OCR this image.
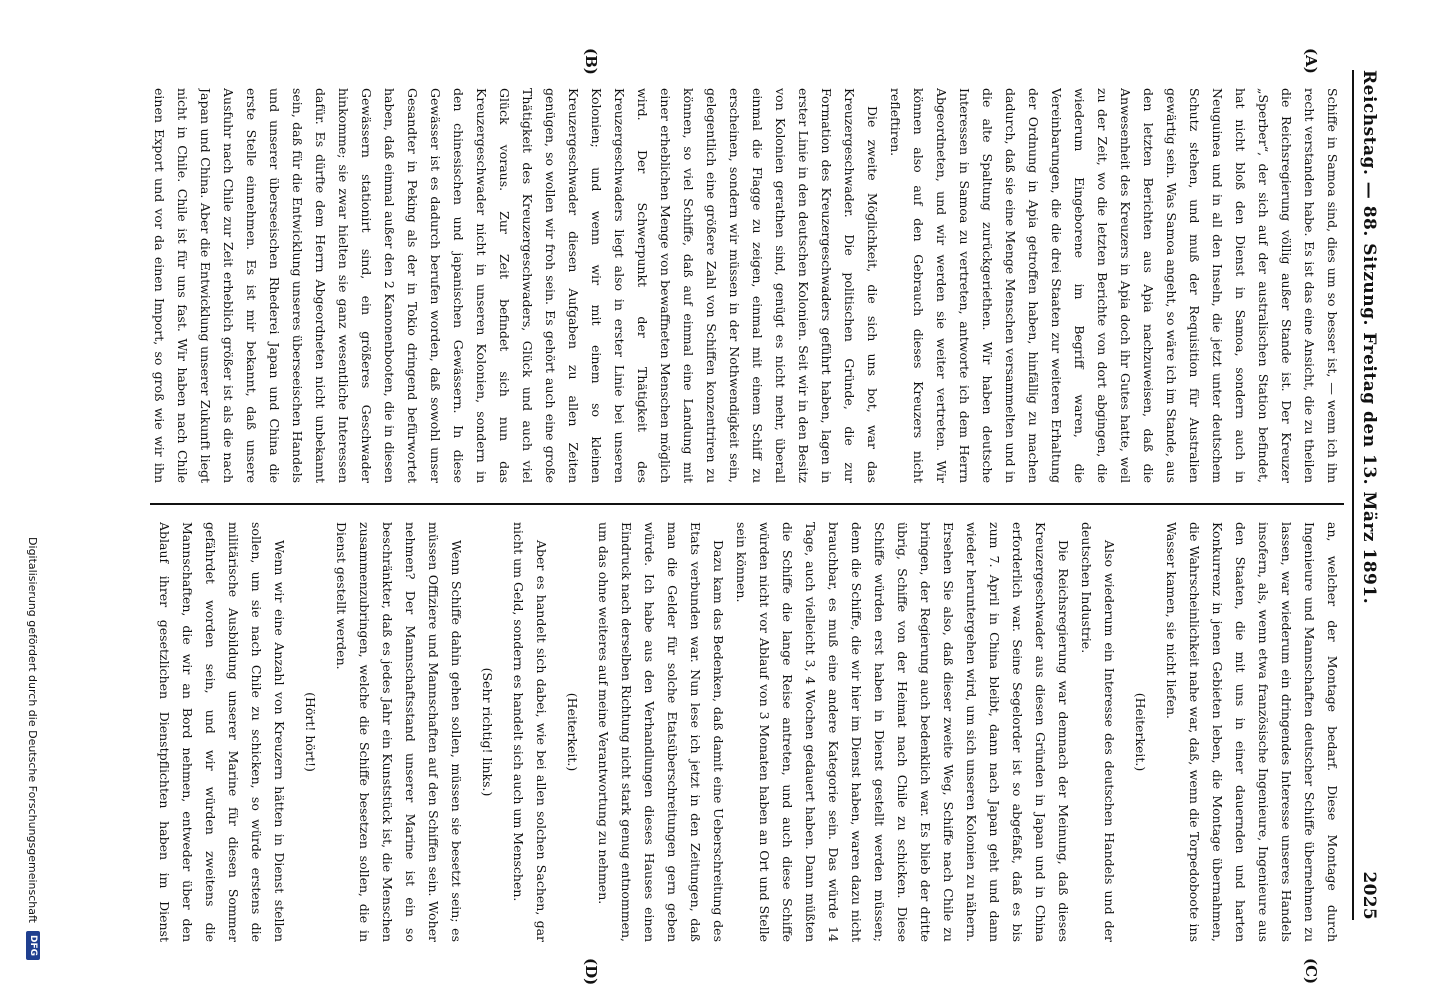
Reichstag. — 88. Sitzung. Freitag den 13. März 1891.
2025
(A)
(B)
(C)
(D)

Schiffe in Samoa sind, dies um so besser ist, — wenn ich ihn recht verstanden habe. Es ist das eine Ansicht, die zu theilen die Reichsregierung völlig außer Stande ist. Der Kreuzer „Sperber“, der sich auf der australischen Station befindet, hat nicht bloß den Dienst in Samoa, sondern auch in Neuguinea und in all den Inseln, die jetzt unter deutschem Schutz stehen, und muß der Requisition für Australien gewärtig sein. Was Samoa angeht, so wäre ich im Stande, aus den letzten Berichten aus Apia nachzuweisen, daß die Anwesenheit des Kreuzers in Apia doch ihr Gutes hatte, weil zu der Zeit, wo die letzten Berichte von dort abgingen, die wiederum Eingeborene im Begriff waren, die Vereinbarungen, die die drei Staaten zur weiteren Erhaltung der Ordnung in Apia getroffen haben, hinfällig zu machen dadurch, daß sie eine Menge Menschen versammelten und in die alte Spaltung zurückgeriethen. Wir haben deutsche Interessen in Samoa zu vertreten, antworte ich dem Herrn Abgeordneten, und wir werden sie weiter vertreten. Wir können also auf den Gebrauch dieses Kreuzers nicht refleftiren.

Die zweite Möglichkeit, die sich uns bot, war das Kreuzergeschwader. Die politischen Gründe, die zur Formation des Kreuzergeschwaders geführt haben, lagen in erster Linie in den deutschen Kolonien. Seit wir in den Besitz von Kolonien gerathen sind, genügt es nicht mehr, überall einmal die Flagge zu zeigen, einmal mit einem Schiff zu erscheinen, sondern wir müssen in der Nothwendigkeit sein, gelegentlich eine größere Zahl von Schiffen konzentriren zu können, so viel Schiffe, daß auf einmal eine Landung mit einer erheblichen Menge von bewaffneten Menschen möglich wird. Der Schwerpunkt der Thätigkeit des Kreuzergeschwaders liegt also in erster Linie bei unseren Kolonien; und wenn wir mit einem so kleinen Kreuzergeschwader diesen Aufgaben zu allen Zeiten genügen, so wollen wir froh sein. Es gehört auch eine große Thätigkeit des Kreuzergeschwaders, Glück und auch viel Glück voraus. Zur Zeit befindet sich nun das Kreuzergeschwader nicht in unseren Kolonien, sondern in den chinesischen und japanischen Gewässern. In diese Gewässer ist es dadurch berufen worden, daß sowohl unser Gesandter in Peking als der in Tokio dringend befürwortet haben, daß einmal außer den 2 Kanonenbooten, die in diesen Gewässern stationirt sind, ein größeres Geschwader hinkomme; sie zwar hielten sie ganz wesentliche Interessen dafür. Es dürfte dem Herrn Abgeordneten nicht unbekannt sein, daß für die Entwicklung unseres überseeischen Handels und unserer überseeischen Rhederei Japan und China die erste Stelle einnehmen. Es ist mir bekannt, daß unsere Ausfuhr nach Chile zur Zeit erheblich größer ist als die nach Japan und China. Aber die Entwicklung unserer Zukunft liegt nicht in Chile. Chile ist für uns fast. Wir haben nach Chile einen Export und vor da einen Import, so groß wie wir ihn

an, welcher der Montage bedarf. Diese Montage durch Ingenieure und Mannschaften deutscher Schiffe übernehmen zu lassen, war wiederum ein dringendes Interesse unseres Handels insofern, als, wenn etwa französische Ingenieure, Ingenieure aus den Staaten, die mit uns in einer dauernden und harten Konkurrenz in jenen Gebieten leben, die Montage übernahmen, die Wahrscheinlichkeit nahe war, daß, wenn die Torpedoboote ins Wasser kamen, sie nicht liefen.

(Heiterkeit.)

Also wiederum ein Interesse des deutschen Handels und der deutschen Industrie.

Die Reichsregierung war demnach der Meinung, daß dieses Kreuzergeschwader aus diesen Gründen in Japan und in China erforderlich war. Seine Segelorder ist so abgefaßt, daß es bis zum 7. April in China bleibt, dann nach Japan geht und dann wieder heruntergehen wird, um sich unseren Kolonien zu nähern. Ersehen Sie also, daß dieser zweite Weg, Schiffe nach Chile zu bringen, der Regierung auch bedenklich war. Es blieb der dritte übrig, Schiffe von der Heimat nach Chile zu schicken. Diese Schiffe würden erst haben in Dienst gestellt werden müssen; denn die Schiffe, die wir hier im Dienst haben, waren dazu nicht brauchbar, es muß eine andere Kategorie sein. Das würde 14 Tage, auch vielleicht 3, 4 Wochen gedauert haben. Dann müßten die Schiffe die lange Reise antreten, und auch diese Schiffe würden nicht vor Ablauf von 3 Monaten haben an Ort und Stelle sein können.

Dazu kam das Bedenken, daß damit eine Ueberschreitung des Etats verbunden war. Nun lese ich jetzt in den Zeitungen, daß man die Gelder für solche Etatsüberschreitungen gern geben würde. Ich habe aus den Verhandlungen dieses Hauses einen Eindruck nach derselben Richtung nicht stark genug entnommen, um das ohne weiteres auf meine Verantwortung zu nehmen.

(Heiterkeit.)

Aber es handelt sich dabei, wie bei allen solchen Sachen, gar nicht um Geld, sondern es handelt sich auch um Menschen.

(Sehr richtig! links.)

Wenn Schiffe dahin gehen sollen, müssen sie besetzt sein; es müssen Offiziere und Mannschaften auf den Schiffen sein. Woher nehmen? Der Mannschaftsstand unserer Marine ist ein so beschränkter, daß es jedes Jahr ein Kunststück ist, die Menschen zusammenzubringen, welche die Schiffe besetzen sollen, die in Dienst gestellt werden.

(Hört! hört!)

Wenn wir eine Anzahl von Kreuzern hätten in Dienst stellen sollen, um sie nach Chile zu schicken, so würde erstens die militärische Ausbildung unserer Marine für diesen Sommer gefährdet worden sein, und wir würden zweitens die Mannschaften, die wir an Bord nehmen, entweder über den Ablauf ihrer gesetzlichen Dienstpflichten haben im Dienst

Digitalisierung gefördert durch die Deutsche Forschungsgemeinschaft
DFG
